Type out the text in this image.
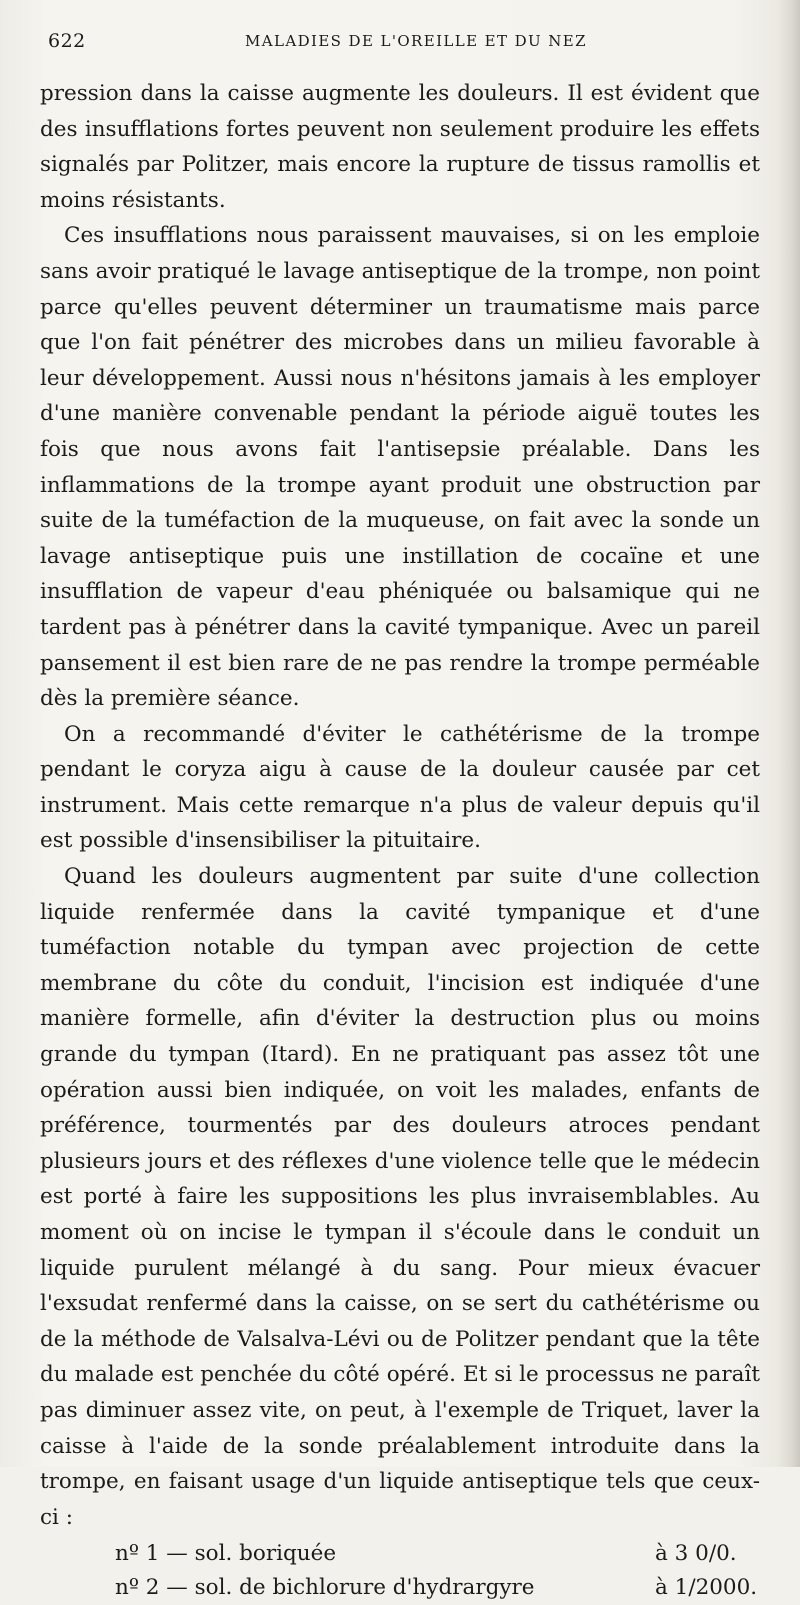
622	MALADIES DE L'OREILLE ET DU NEZ

pression dans la caisse augmente les douleurs. Il est évident que des insufflations fortes peuvent non seulement produire les effets signalés par Politzer, mais encore la rupture de tissus ramollis et moins résistants.

Ces insufflations nous paraissent mauvaises, si on les emploie sans avoir pratiqué le lavage antiseptique de la trompe, non point parce qu'elles peuvent déterminer un traumatisme mais parce que l'on fait pénétrer des microbes dans un milieu favorable à leur développement. Aussi nous n'hésitons jamais à les employer d'une manière convenable pendant la période aiguë toutes les fois que nous avons fait l'antisepsie préalable. Dans les inflammations de la trompe ayant produit une obstruction par suite de la tuméfaction de la muqueuse, on fait avec la sonde un lavage antiseptique puis une instillation de cocaïne et une insufflation de vapeur d'eau phéniquée ou balsamique qui ne tardent pas à pénétrer dans la cavité tympanique. Avec un pareil pansement il est bien rare de ne pas rendre la trompe perméable dès la première séance.

On a recommandé d'éviter le cathétérisme de la trompe pendant le coryza aigu à cause de la douleur causée par cet instrument. Mais cette remarque n'a plus de valeur depuis qu'il est possible d'insensibiliser la pituitaire.

Quand les douleurs augmentent par suite d'une collection liquide renfermée dans la cavité tympanique et d'une tuméfaction notable du tympan avec projection de cette membrane du côte du conduit, l'incision est indiquée d'une manière formelle, afin d'éviter la destruction plus ou moins grande du tympan (Itard). En ne pratiquant pas assez tôt une opération aussi bien indiquée, on voit les malades, enfants de préférence, tourmentés par des douleurs atroces pendant plusieurs jours et des réflexes d'une violence telle que le médecin est porté à faire les suppositions les plus invraisemblables. Au moment où on incise le tympan il s'écoule dans le conduit un liquide purulent mélangé à du sang. Pour mieux évacuer l'exsudat renfermé dans la caisse, on se sert du cathétérisme ou de la méthode de Valsalva-Lévi ou de Politzer pendant que la tête du malade est penchée du côté opéré. Et si le processus ne paraît pas diminuer assez vite, on peut, à l'exemple de Triquet, laver la caisse à l'aide de la sonde préalablement introduite dans la trompe, en faisant usage d'un liquide antiseptique tels que ceux-ci :

nº 1 — sol. boriquée	à 3 0/0.
nº 2 — sol. de bichlorure d'hydrargyre	à 1/2000.
